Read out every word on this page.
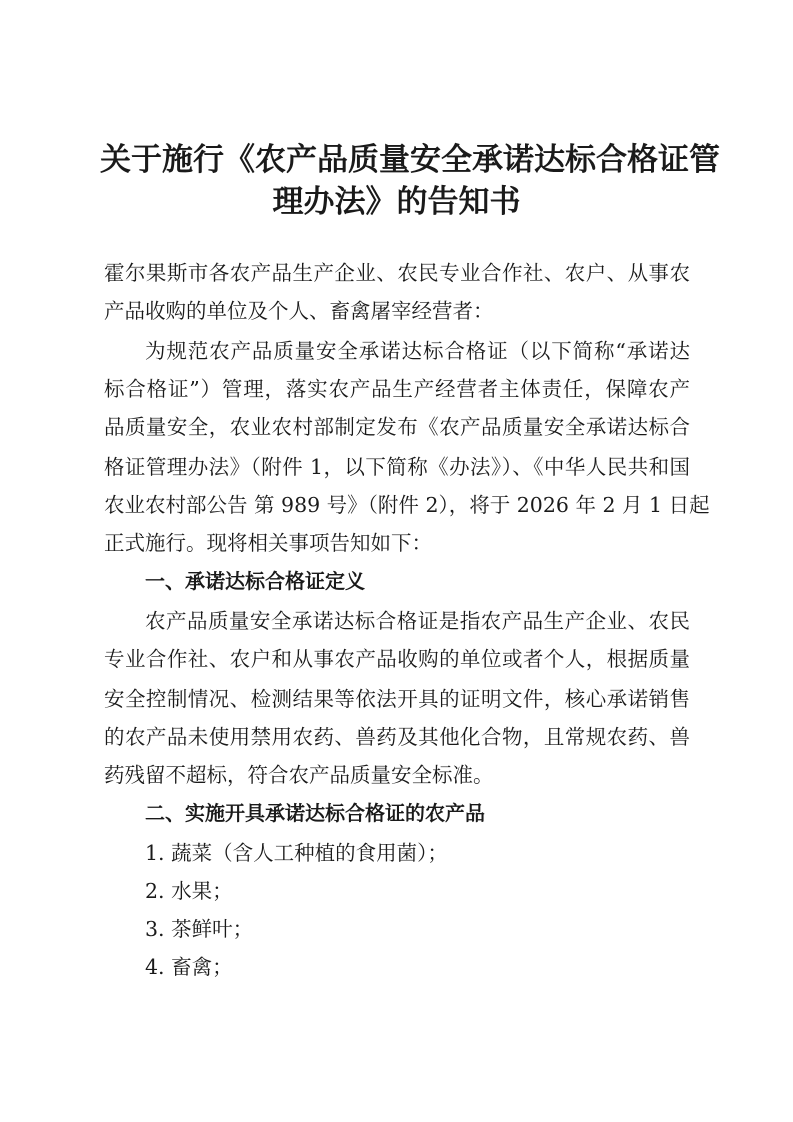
关于施行《农产品质量安全承诺达标合格证管
理办法》的告知书

霍尔果斯市各农产品生产企业、农民专业合作社、农户、从事农

产品收购的单位及个人、畜禽屠宰经营者：

为规范农产品质量安全承诺达标合格证（以下简称“承诺达

标合格证”）管理，落实农产品生产经营者主体责任，保障农产

品质量安全，农业农村部制定发布《农产品质量安全承诺达标合

格证管理办法》（附件 1，以下简称《办法》）、《中华人民共和国

农业农村部公告 第 989 号》（附件 2），将于 2026 年 2 月 1 日起

正式施行。现将相关事项告知如下：

一、承诺达标合格证定义

农产品质量安全承诺达标合格证是指农产品生产企业、农民

专业合作社、农户和从事农产品收购的单位或者个人，根据质量

安全控制情况、检测结果等依法开具的证明文件，核心承诺销售

的农产品未使用禁用农药、兽药及其他化合物，且常规农药、兽

药残留不超标，符合农产品质量安全标准。

二、实施开具承诺达标合格证的农产品

1. 蔬菜（含人工种植的食用菌）；

2. 水果；

3. 茶鲜叶；

4. 畜禽；
